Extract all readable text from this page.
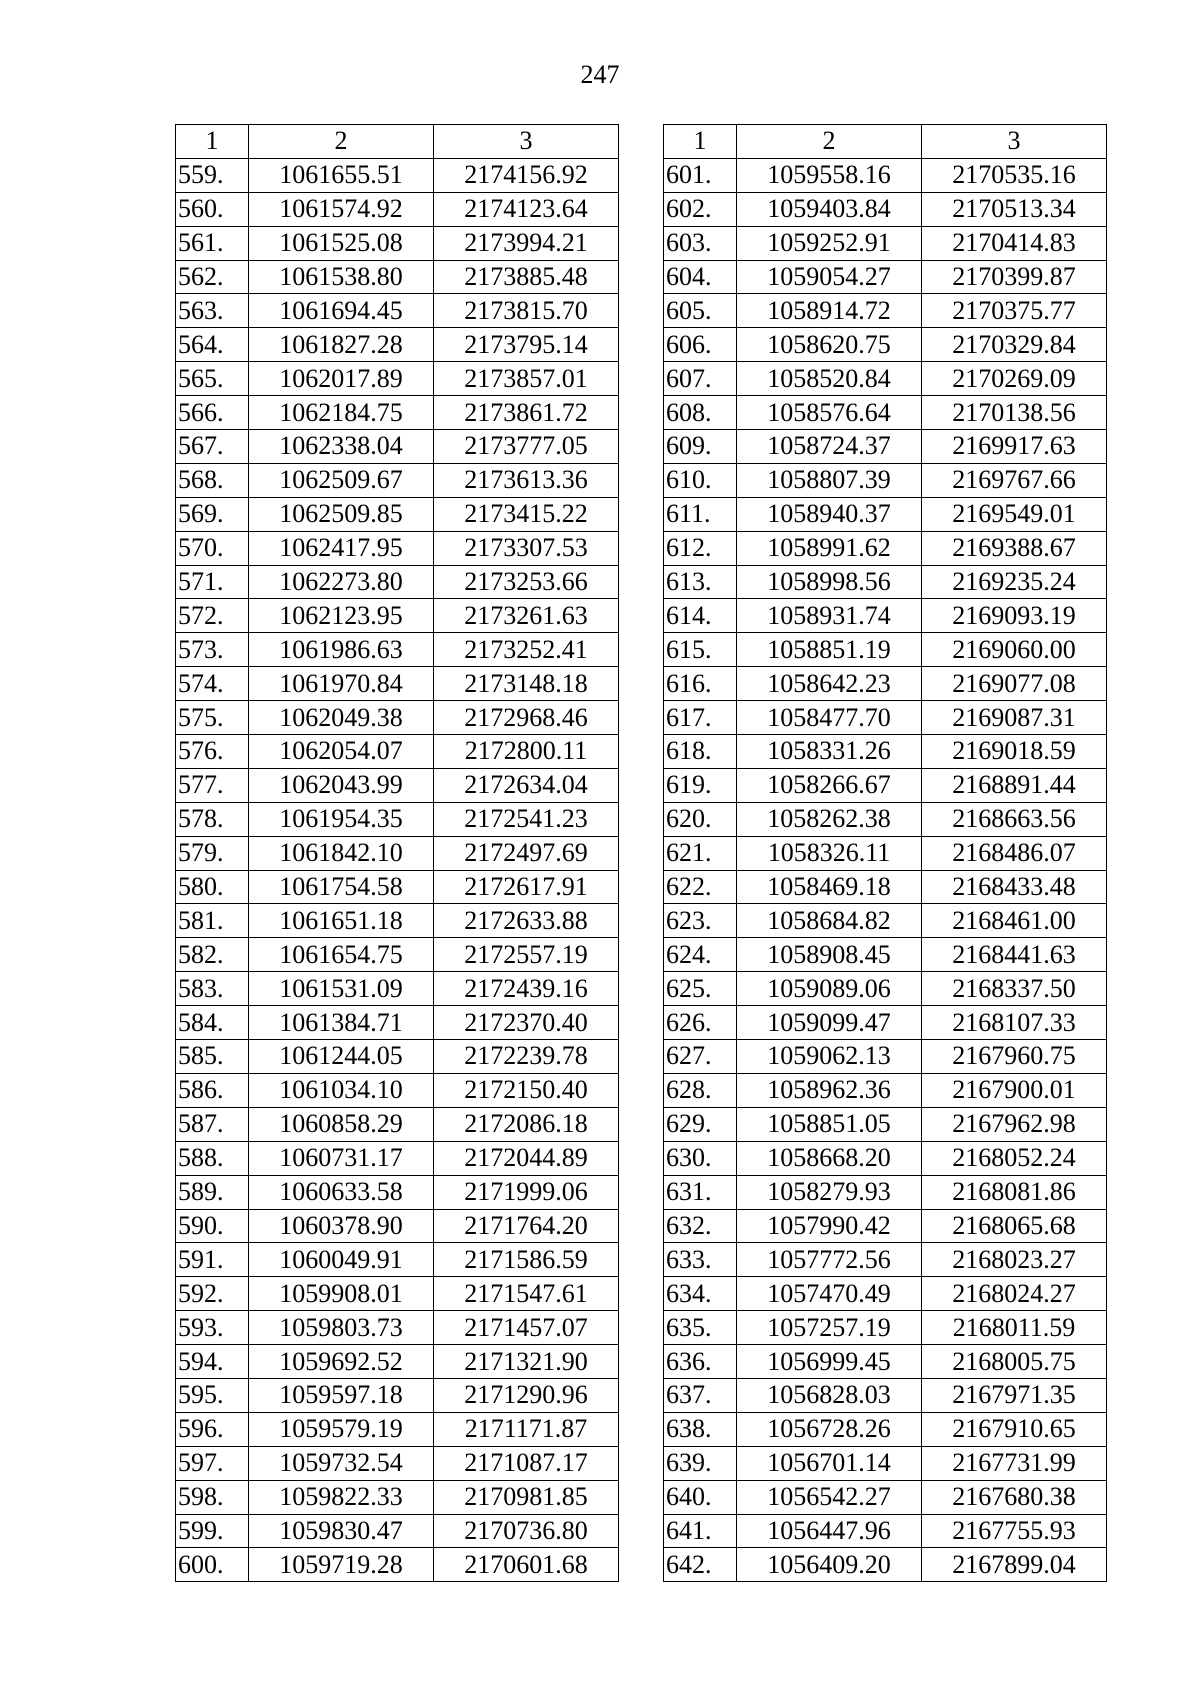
247
1	2	3
559.	1061655.51	2174156.92
560.	1061574.92	2174123.64
561.	1061525.08	2173994.21
562.	1061538.80	2173885.48
563.	1061694.45	2173815.70
564.	1061827.28	2173795.14
565.	1062017.89	2173857.01
566.	1062184.75	2173861.72
567.	1062338.04	2173777.05
568.	1062509.67	2173613.36
569.	1062509.85	2173415.22
570.	1062417.95	2173307.53
571.	1062273.80	2173253.66
572.	1062123.95	2173261.63
573.	1061986.63	2173252.41
574.	1061970.84	2173148.18
575.	1062049.38	2172968.46
576.	1062054.07	2172800.11
577.	1062043.99	2172634.04
578.	1061954.35	2172541.23
579.	1061842.10	2172497.69
580.	1061754.58	2172617.91
581.	1061651.18	2172633.88
582.	1061654.75	2172557.19
583.	1061531.09	2172439.16
584.	1061384.71	2172370.40
585.	1061244.05	2172239.78
586.	1061034.10	2172150.40
587.	1060858.29	2172086.18
588.	1060731.17	2172044.89
589.	1060633.58	2171999.06
590.	1060378.90	2171764.20
591.	1060049.91	2171586.59
592.	1059908.01	2171547.61
593.	1059803.73	2171457.07
594.	1059692.52	2171321.90
595.	1059597.18	2171290.96
596.	1059579.19	2171171.87
597.	1059732.54	2171087.17
598.	1059822.33	2170981.85
599.	1059830.47	2170736.80
600.	1059719.28	2170601.68
1	2	3
601.	1059558.16	2170535.16
602.	1059403.84	2170513.34
603.	1059252.91	2170414.83
604.	1059054.27	2170399.87
605.	1058914.72	2170375.77
606.	1058620.75	2170329.84
607.	1058520.84	2170269.09
608.	1058576.64	2170138.56
609.	1058724.37	2169917.63
610.	1058807.39	2169767.66
611.	1058940.37	2169549.01
612.	1058991.62	2169388.67
613.	1058998.56	2169235.24
614.	1058931.74	2169093.19
615.	1058851.19	2169060.00
616.	1058642.23	2169077.08
617.	1058477.70	2169087.31
618.	1058331.26	2169018.59
619.	1058266.67	2168891.44
620.	1058262.38	2168663.56
621.	1058326.11	2168486.07
622.	1058469.18	2168433.48
623.	1058684.82	2168461.00
624.	1058908.45	2168441.63
625.	1059089.06	2168337.50
626.	1059099.47	2168107.33
627.	1059062.13	2167960.75
628.	1058962.36	2167900.01
629.	1058851.05	2167962.98
630.	1058668.20	2168052.24
631.	1058279.93	2168081.86
632.	1057990.42	2168065.68
633.	1057772.56	2168023.27
634.	1057470.49	2168024.27
635.	1057257.19	2168011.59
636.	1056999.45	2168005.75
637.	1056828.03	2167971.35
638.	1056728.26	2167910.65
639.	1056701.14	2167731.99
640.	1056542.27	2167680.38
641.	1056447.96	2167755.93
642.	1056409.20	2167899.04
